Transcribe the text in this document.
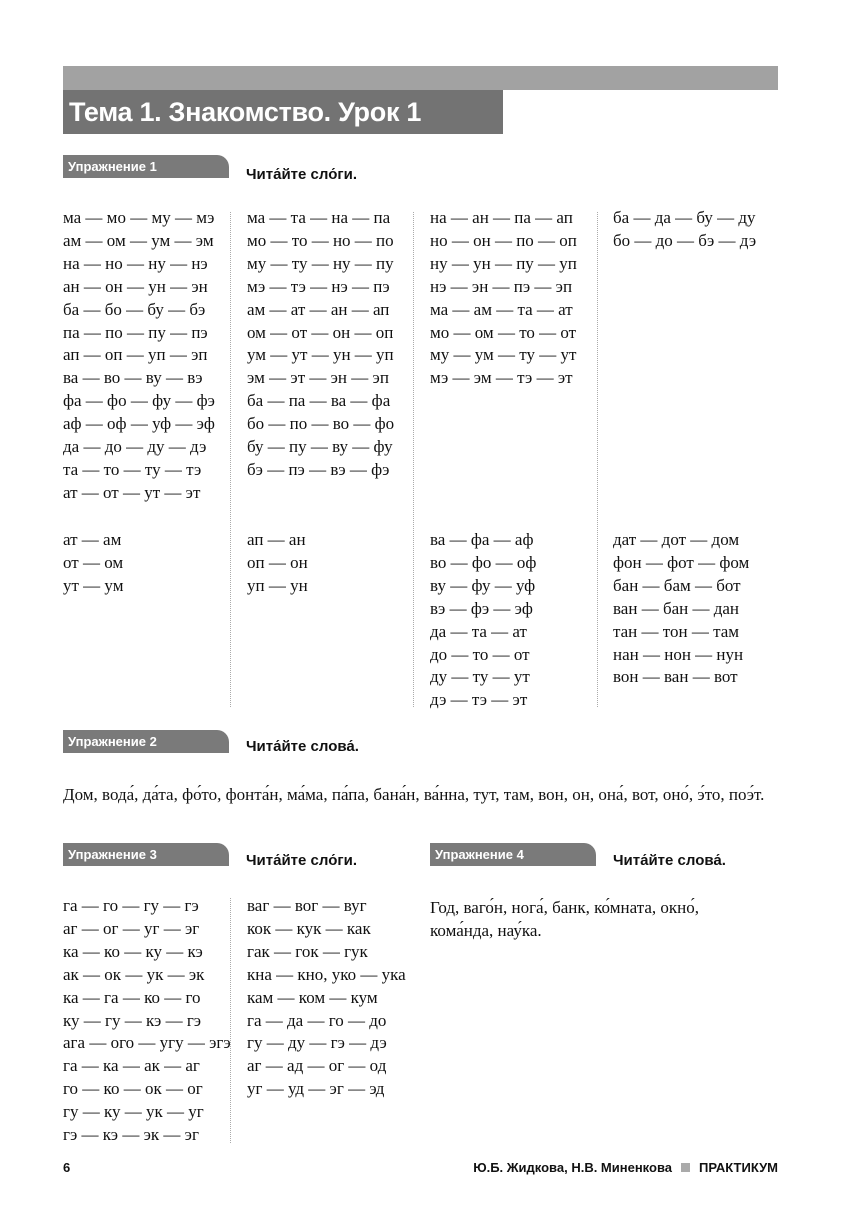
Тема 1. Знакомство. Урок 1
Упражнение 1	Чита́йте сло́ги.
ма — мо — му — мэ
ам — ом — ум — эм
на — но — ну — нэ
ан — он — ун — эн
ба — бо — бу — бэ
па — по — пу — пэ
ап — оп — уп — эп
ва — во — ву — вэ
фа — фо — фу — фэ
аф — оф — уф — эф
да — до — ду — дэ
та — то — ту — тэ
ат — от — ут — эт
ма — та — на — па
мо — то — но — по
му — ту — ну — пу
мэ — тэ — нэ — пэ
ам — ат — ан — ап
ом — от — он — оп
ум — ут — ун — уп
эм — эт — эн — эп
ба — па — ва — фа
бо — по — во — фо
бу — пу — ву — фу
бэ — пэ — вэ — фэ
на — ан — па — ап
но — он — по — оп
ну — ун — пу — уп
нэ — эн — пэ — эп
ма — ам — та — ат
мо — ом — то — от
му — ум — ту — ут
мэ — эм — тэ — эт
ба — да — бу — ду
бо — до — бэ — дэ
ат — ам
от — ом
ут — ум
ап — ан
оп — он
уп — ун
ва — фа — аф
во — фо — оф
ву — фу — уф
вэ — фэ — эф
да — та — ат
до — то — от
ду — ту — ут
дэ — тэ — эт
дат — дот — дом
фон — фот — фом
бан — бам — бот
ван — бан — дан
тан — тон — там
нан — нон — нун
вон — ван — вот
Упражнение 2	Чита́йте слова́.
Дом, вода́, да́та, фо́то, фонта́н, ма́ма, па́па, бана́н, ва́нна, тут, там, вон, он, она́, вот, оно́, э́то, поэ́т.
Упражнение 3	Чита́йте сло́ги.
га — го — гу — гэ
аг — ог — уг — эг
ка — ко — ку — кэ
ак — ок — ук — эк
ка — га — ко — го
ку — гу — кэ — гэ
ага — ого — угу — эгэ
га — ка — ак — аг
го — ко — ок — ог
гу — ку — ук — уг
гэ — кэ — эк — эг
ваг — вог — вуг
кок — кук — как
гак — гок — гук
кна — кно, уко — ука
кам — ком — кум
га — да — го — до
гу — ду — гэ — дэ
аг — ад — ог — од
уг — уд — эг — эд
Упражнение 4	Чита́йте слова́.
Год, ваго́н, нога́, банк, ко́мната, окно́, кома́нда, нау́ка.
6	Ю.Б. Жидкова, Н.В. Миненкова ПРАКТИКУМ
